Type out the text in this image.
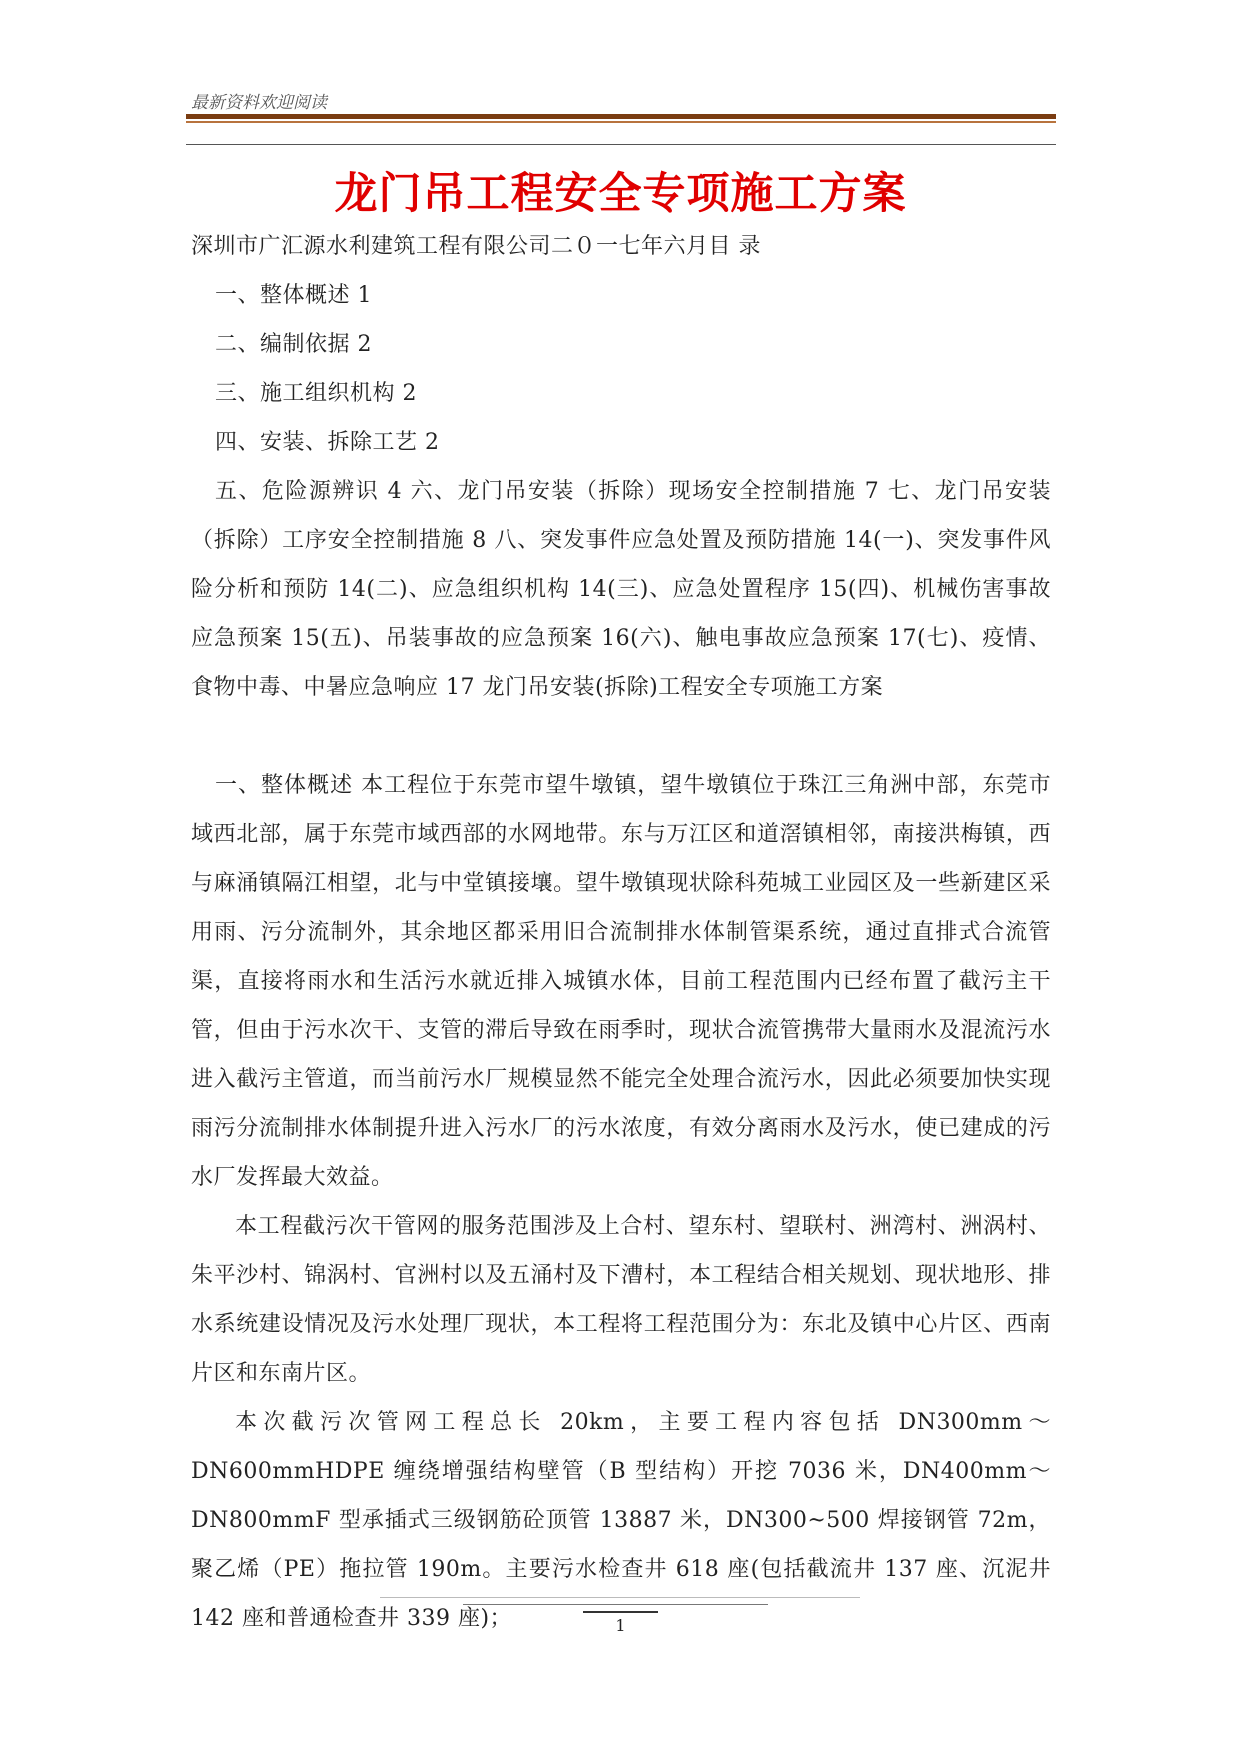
最新资料欢迎阅读
龙门吊工程安全专项施工方案
深圳市广汇源水利建筑工程有限公司二０一七年六月目 录
一、整体概述 1
二、编制依据 2
三、施工组织机构 2
四、安装、拆除工艺 2
五、危险源辨识 4 六、龙门吊安装（拆除）现场安全控制措施 7 七、龙门吊安装（拆除）工序安全控制措施 8 八、突发事件应急处置及预防措施 14(一)、突发事件风险分析和预防 14(二)、应急组织机构 14(三)、应急处置程序 15(四)、机械伤害事故应急预案 15(五)、吊装事故的应急预案 16(六)、触电事故应急预案 17(七)、疫情、食物中毒、中暑应急响应 17 龙门吊安装(拆除)工程安全专项施工方案
一、整体概述 本工程位于东莞市望牛墩镇，望牛墩镇位于珠江三角洲中部，东莞市域西北部，属于东莞市域西部的水网地带。东与万江区和道滘镇相邻，南接洪梅镇，西与麻涌镇隔江相望，北与中堂镇接壤。望牛墩镇现状除科苑城工业园区及一些新建区采用雨、污分流制外，其余地区都采用旧合流制排水体制管渠系统，通过直排式合流管渠，直接将雨水和生活污水就近排入城镇水体，目前工程范围内已经布置了截污主干管，但由于污水次干、支管的滞后导致在雨季时，现状合流管携带大量雨水及混流污水进入截污主管道，而当前污水厂规模显然不能完全处理合流污水，因此必须要加快实现雨污分流制排水体制提升进入污水厂的污水浓度，有效分离雨水及污水，使已建成的污水厂发挥最大效益。
本工程截污次干管网的服务范围涉及上合村、望东村、望联村、洲湾村、洲涡村、朱平沙村、锦涡村、官洲村以及五涌村及下漕村，本工程结合相关规划、现状地形、排水系统建设情况及污水处理厂现状，本工程将工程范围分为：东北及镇中心片区、西南片区和东南片区。
本次截污次管网工程总长 20km，主要工程内容包括 DN300mm～DN600mmHDPE 缠绕增强结构壁管（B 型结构）开挖 7036 米，DN400mm～DN800mmF 型承插式三级钢筋砼顶管 13887 米，DN300~500 焊接钢管 72m，聚乙烯（PE）拖拉管 190m。主要污水检查井 618 座(包括截流井 137 座、沉泥井 142 座和普通检查井 339 座)；	1
